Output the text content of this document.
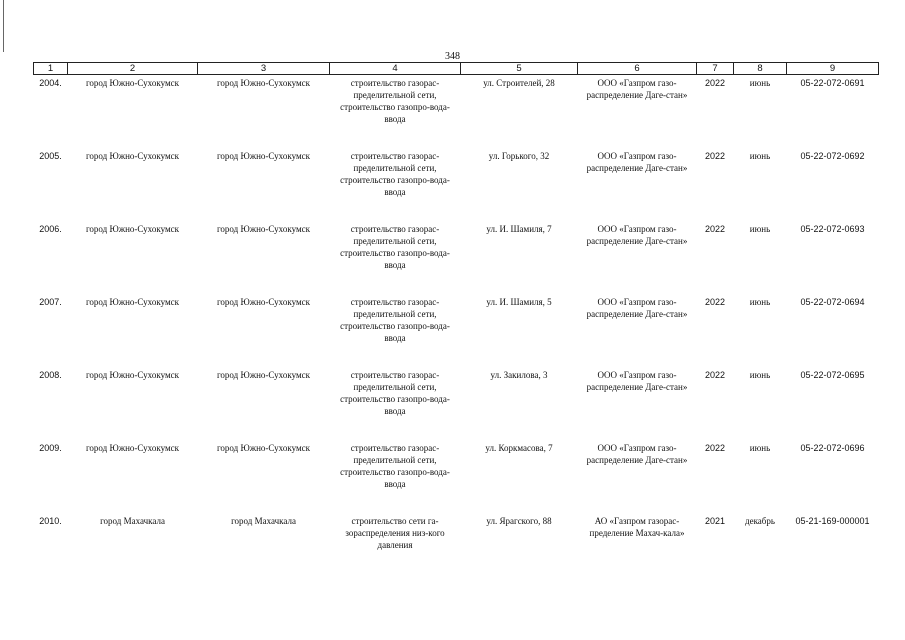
348
1	2	3	4	5	6	7	8	9
2004.	город Южно-Сухокумск	город Южно-Сухокумск	строительство газорас-пределительной сети, строительство газопро-вода-ввода	ул. Строителей, 28	ООО «Газпром газо-распределение Даге-стан»	2022	июнь	05-22-072-0691
2005.	город Южно-Сухокумск	город Южно-Сухокумск	строительство газорас-пределительной сети, строительство газопро-вода-ввода	ул. Горького, 32	ООО «Газпром газо-распределение Даге-стан»	2022	июнь	05-22-072-0692
2006.	город Южно-Сухокумск	город Южно-Сухокумск	строительство газорас-пределительной сети, строительство газопро-вода-ввода	ул. И. Шамиля, 7	ООО «Газпром газо-распределение Даге-стан»	2022	июнь	05-22-072-0693
2007.	город Южно-Сухокумск	город Южно-Сухокумск	строительство газорас-пределительной сети, строительство газопро-вода-ввода	ул. И. Шамиля, 5	ООО «Газпром газо-распределение Даге-стан»	2022	июнь	05-22-072-0694
2008.	город Южно-Сухокумск	город Южно-Сухокумск	строительство газорас-пределительной сети, строительство газопро-вода-ввода	ул. Закилова, 3	ООО «Газпром газо-распределение Даге-стан»	2022	июнь	05-22-072-0695
2009.	город Южно-Сухокумск	город Южно-Сухокумск	строительство газорас-пределительной сети, строительство газопро-вода-ввода	ул. Коркмасова, 7	ООО «Газпром газо-распределение Даге-стан»	2022	июнь	05-22-072-0696
2010.	город Махачкала	город Махачкала	строительство сети га-зораспределения низ-кого давления	ул. Ярагского, 88	АО «Газпром газорас-пределение Махач-кала»	2021	декабрь	05-21-169-000001
